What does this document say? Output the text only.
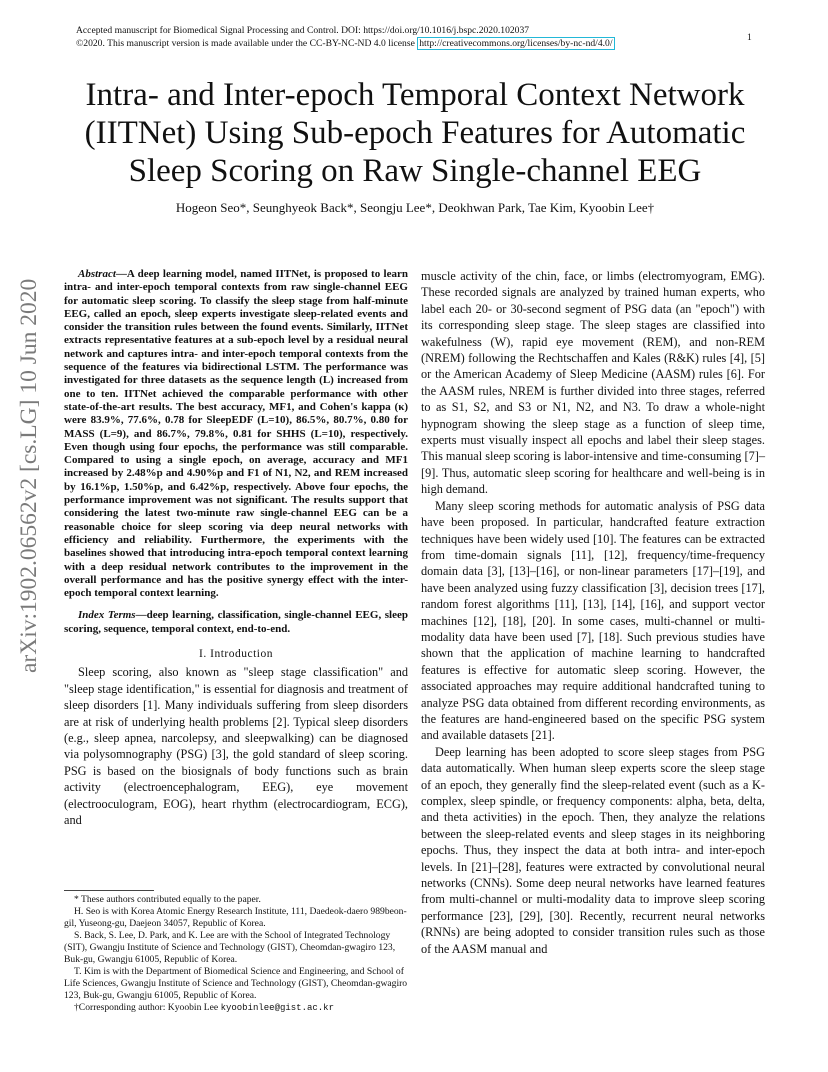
Accepted manuscript for Biomedical Signal Processing and Control. DOI: https://doi.org/10.1016/j.bspc.2020.102037
©2020. This manuscript version is made available under the CC-BY-NC-ND 4.0 license http://creativecommons.org/licenses/by-nc-nd/4.0/	1
arXiv:1902.06562v2 [cs.LG] 10 Jun 2020
Intra- and Inter-epoch Temporal Context Network (IITNet) Using Sub-epoch Features for Automatic Sleep Scoring on Raw Single-channel EEG
Hogeon Seo*, Seunghyeok Back*, Seongju Lee*, Deokhwan Park, Tae Kim, Kyoobin Lee†
Abstract—A deep learning model, named IITNet, is proposed to learn intra- and inter-epoch temporal contexts from raw single-channel EEG for automatic sleep scoring. To classify the sleep stage from half-minute EEG, called an epoch, sleep experts investigate sleep-related events and consider the transition rules between the found events. Similarly, IITNet extracts representative features at a sub-epoch level by a residual neural network and captures intra- and inter-epoch temporal contexts from the sequence of the features via bidirectional LSTM. The performance was investigated for three datasets as the sequence length (L) increased from one to ten. IITNet achieved the comparable performance with other state-of-the-art results. The best accuracy, MF1, and Cohen's kappa (κ) were 83.9%, 77.6%, 0.78 for SleepEDF (L=10), 86.5%, 80.7%, 0.80 for MASS (L=9), and 86.7%, 79.8%, 0.81 for SHHS (L=10), respectively. Even though using four epochs, the performance was still comparable. Compared to using a single epoch, on average, accuracy and MF1 increased by 2.48%p and 4.90%p and F1 of N1, N2, and REM increased by 16.1%p, 1.50%p, and 6.42%p, respectively. Above four epochs, the performance improvement was not significant. The results support that considering the latest two-minute raw single-channel EEG can be a reasonable choice for sleep scoring via deep neural networks with efficiency and reliability. Furthermore, the experiments with the baselines showed that introducing intra-epoch temporal context learning with a deep residual network contributes to the improvement in the overall performance and has the positive synergy effect with the inter-epoch temporal context learning.
Index Terms—deep learning, classification, single-channel EEG, sleep scoring, sequence, temporal context, end-to-end.
I. Introduction

Sleep scoring, also known as "sleep stage classification" and "sleep stage identification," is essential for diagnosis and treatment of sleep disorders [1]. Many individuals suffering from sleep disorders are at risk of underlying health problems [2]. Typical sleep disorders (e.g., sleep apnea, narcolepsy, and sleepwalking) can be diagnosed via polysomnography (PSG) [3], the gold standard of sleep scoring. PSG is based on the biosignals of body functions such as brain activity (electroencephalogram, EEG), eye movement (electrooculogram, EOG), heart rhythm (electrocardiogram, ECG), and

* These authors contributed equally to the paper.

H. Seo is with Korea Atomic Energy Research Institute, 111, Daedeok-daero 989beon-gil, Yuseong-gu, Daejeon 34057, Republic of Korea.

S. Back, S. Lee, D. Park, and K. Lee are with the School of Integrated Technology (SIT), Gwangju Institute of Science and Technology (GIST), Cheomdan-gwagiro 123, Buk-gu, Gwangju 61005, Republic of Korea.

T. Kim is with the Department of Biomedical Science and Engineering, and School of Life Sciences, Gwangju Institute of Science and Technology (GIST), Cheomdan-gwagiro 123, Buk-gu, Gwangju 61005, Republic of Korea.

†Corresponding author: Kyoobin Lee kyoobinlee@gist.ac.kr

muscle activity of the chin, face, or limbs (electromyogram, EMG). These recorded signals are analyzed by trained human experts, who label each 20- or 30-second segment of PSG data (an "epoch") with its corresponding sleep stage. The sleep stages are classified into wakefulness (W), rapid eye movement (REM), and non-REM (NREM) following the Rechtschaffen and Kales (R&K) rules [4], [5] or the American Academy of Sleep Medicine (AASM) rules [6]. For the AASM rules, NREM is further divided into three stages, referred to as S1, S2, and S3 or N1, N2, and N3. To draw a whole-night hypnogram showing the sleep stage as a function of sleep time, experts must visually inspect all epochs and label their sleep stages. This manual sleep scoring is labor-intensive and time-consuming [7]–[9]. Thus, automatic sleep scoring for healthcare and well-being is in high demand.

Many sleep scoring methods for automatic analysis of PSG data have been proposed. In particular, handcrafted feature extraction techniques have been widely used [10]. The features can be extracted from time-domain signals [11], [12], frequency/time-frequency domain data [3], [13]–[16], or non-linear parameters [17]–[19], and have been analyzed using fuzzy classification [3], decision trees [17], random forest algorithms [11], [13], [14], [16], and support vector machines [12], [18], [20]. In some cases, multi-channel or multi-modality data have been used [7], [18]. Such previous studies have shown that the application of machine learning to handcrafted features is effective for automatic sleep scoring. However, the associated approaches may require additional handcrafted tuning to analyze PSG data obtained from different recording environments, as the features are hand-engineered based on the specific PSG system and available datasets [21].

Deep learning has been adopted to score sleep stages from PSG data automatically. When human sleep experts score the sleep stage of an epoch, they generally find the sleep-related event (such as a K-complex, sleep spindle, or frequency components: alpha, beta, delta, and theta activities) in the epoch. Then, they analyze the relations between the sleep-related events and sleep stages in its neighboring epochs. Thus, they inspect the data at both intra- and inter-epoch levels. In [21]–[28], features were extracted by convolutional neural networks (CNNs). Some deep neural networks have learned features from multi-channel or multi-modality data to improve sleep scoring performance [23], [29], [30]. Recently, recurrent neural networks (RNNs) are being adopted to consider transition rules such as those of the AASM manual and
